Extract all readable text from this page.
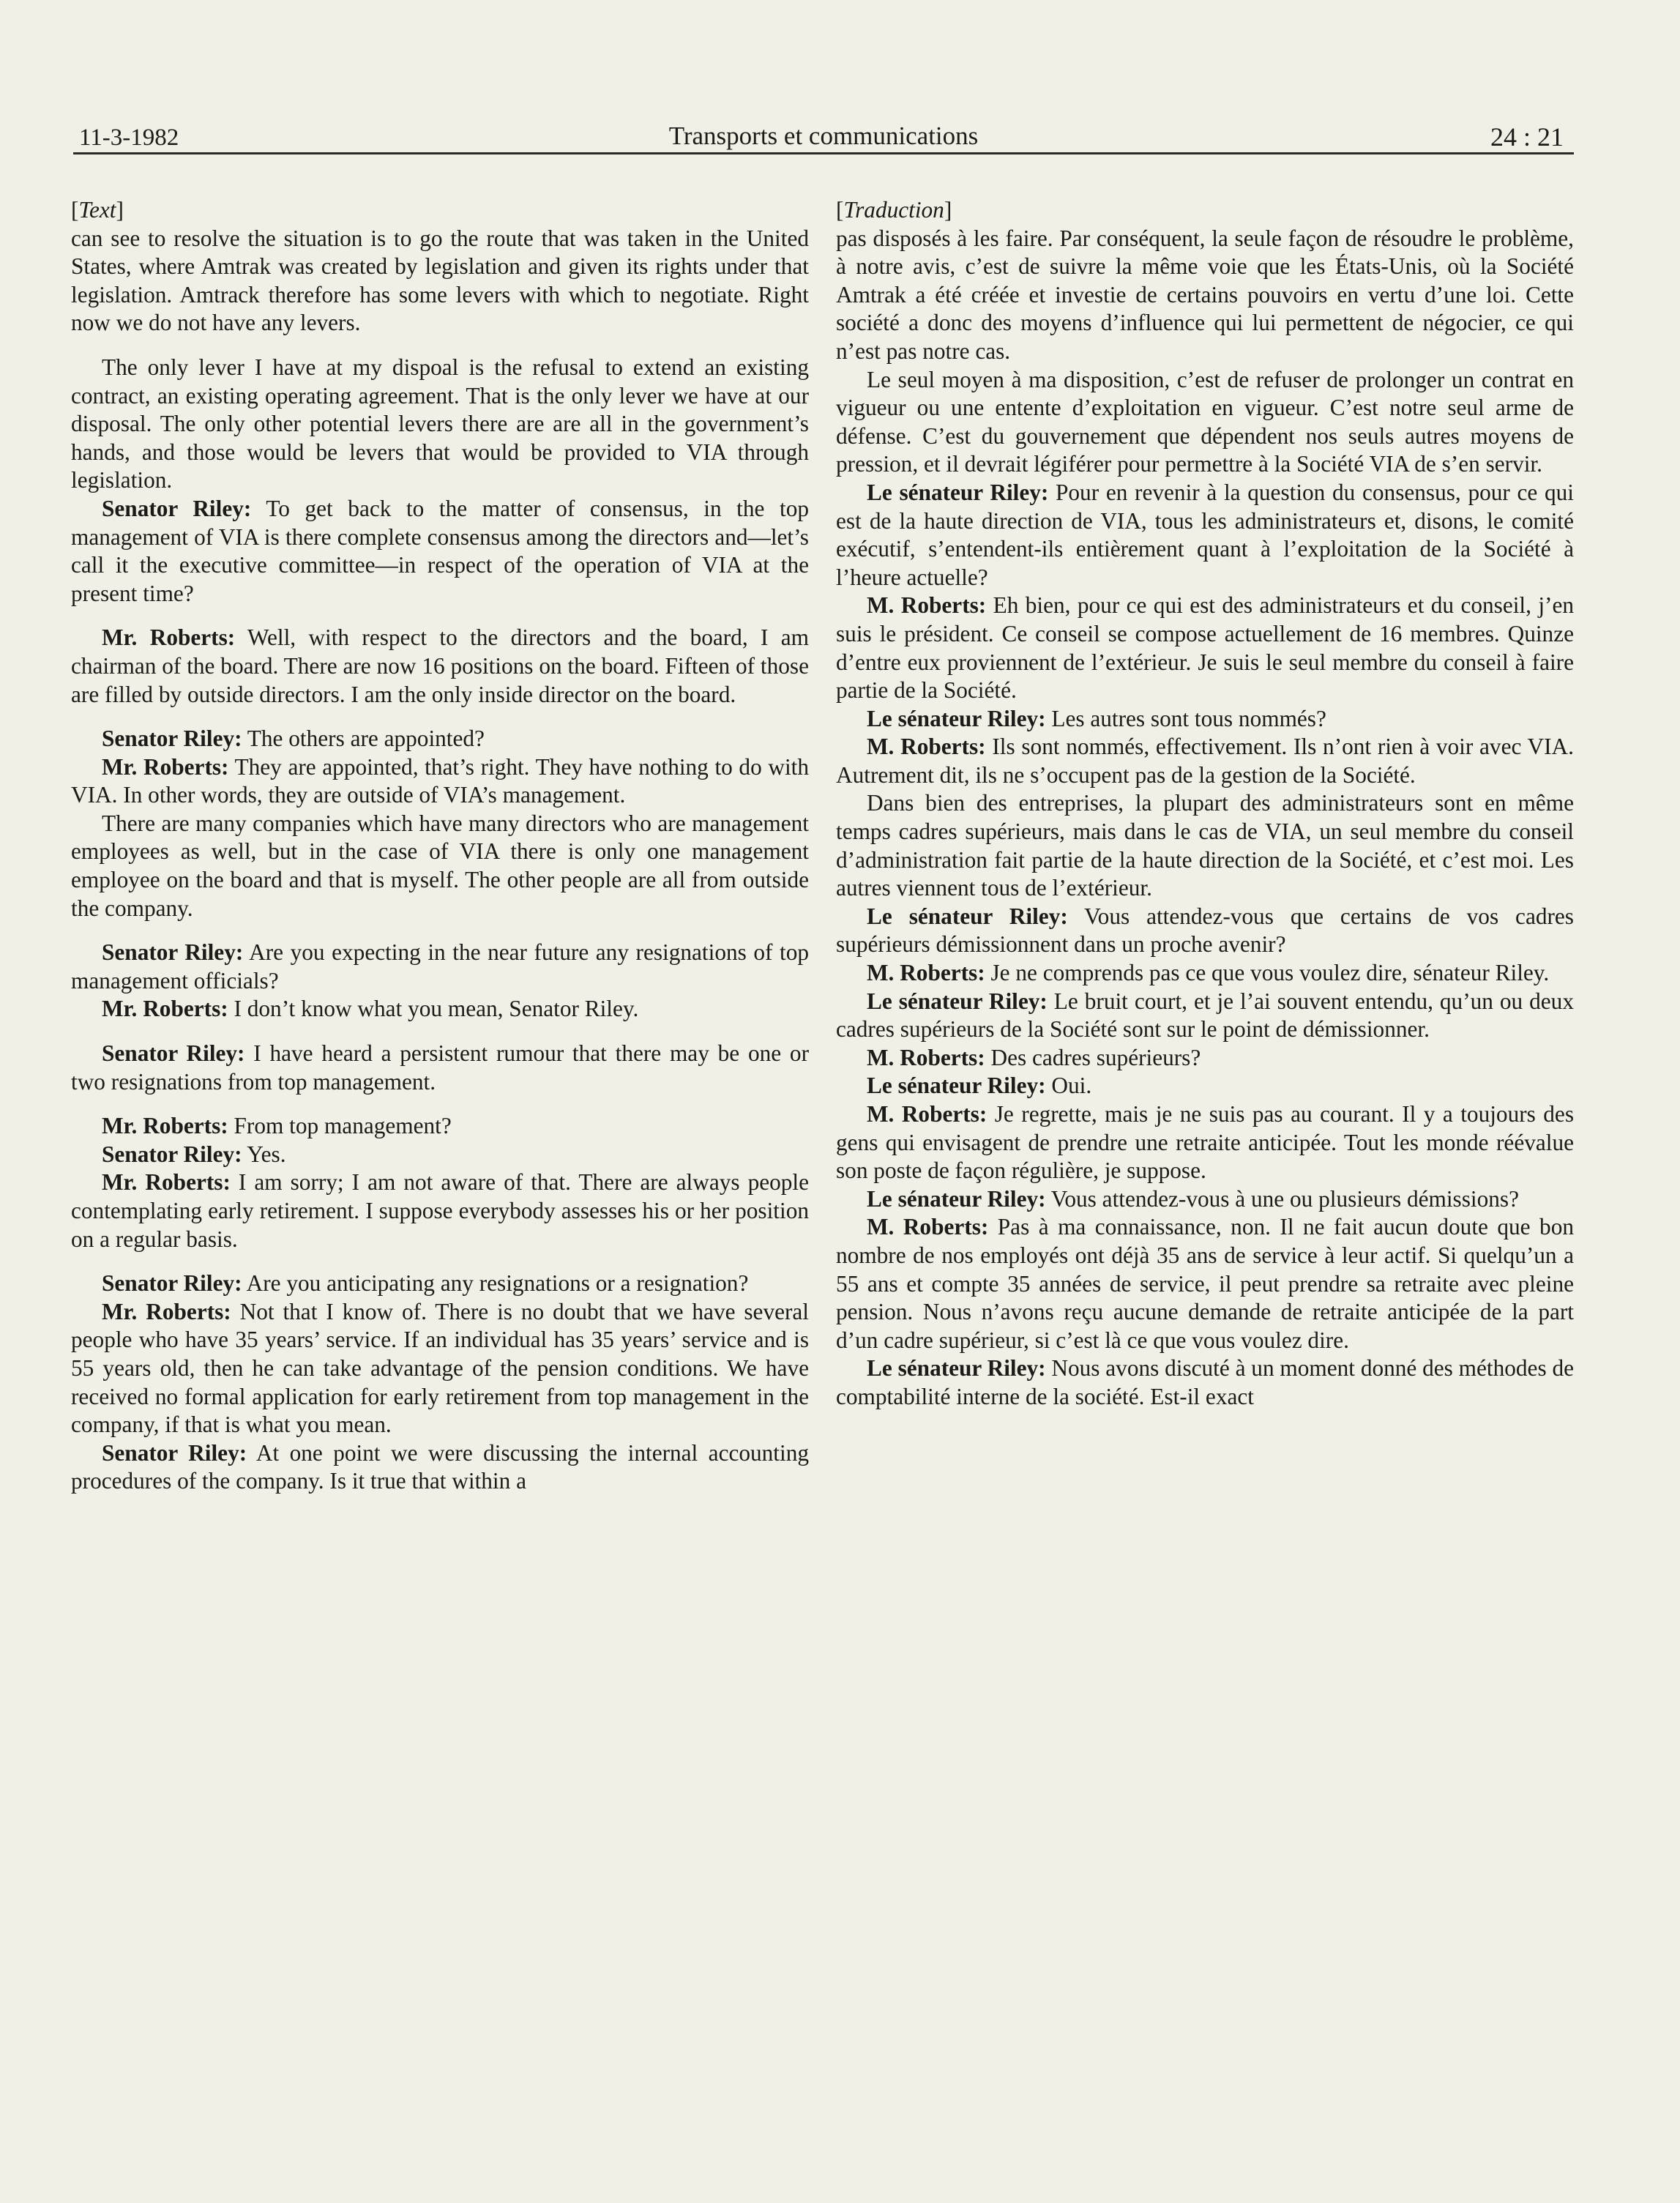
11-3-1982	Transports et communications	24 : 21
[Text]

can see to resolve the situation is to go the route that was taken in the United States, where Amtrak was created by legislation and given its rights under that legislation. Amtrack therefore has some levers with which to negotiate. Right now we do not have any levers.

The only lever I have at my dispoal is the refusal to extend an existing contract, an existing operating agreement. That is the only lever we have at our disposal. The only other potential levers there are are all in the government’s hands, and those would be levers that would be provided to VIA through legislation.

Senator Riley: To get back to the matter of consensus, in the top management of VIA is there complete consensus among the directors and—let’s call it the executive committee—in respect of the operation of VIA at the present time?

Mr. Roberts: Well, with respect to the directors and the board, I am chairman of the board. There are now 16 positions on the board. Fifteen of those are filled by outside directors. I am the only inside director on the board.

Senator Riley: The others are appointed?

Mr. Roberts: They are appointed, that’s right. They have nothing to do with VIA. In other words, they are outside of VIA’s management.

There are many companies which have many directors who are management employees as well, but in the case of VIA there is only one management employee on the board and that is myself. The other people are all from outside the company.

Senator Riley: Are you expecting in the near future any resignations of top management officials?

Mr. Roberts: I don’t know what you mean, Senator Riley.

Senator Riley: I have heard a persistent rumour that there may be one or two resignations from top management.

Mr. Roberts: From top management?

Senator Riley: Yes.

Mr. Roberts: I am sorry; I am not aware of that. There are always people contemplating early retirement. I suppose everybody assesses his or her position on a regular basis.

Senator Riley: Are you anticipating any resignations or a resignation?

Mr. Roberts: Not that I know of. There is no doubt that we have several people who have 35 years’ service. If an individual has 35 years’ service and is 55 years old, then he can take advantage of the pension conditions. We have received no formal application for early retirement from top management in the company, if that is what you mean.

Senator Riley: At one point we were discussing the internal accounting procedures of the company. Is it true that within a

[Traduction]

pas disposés à les faire. Par conséquent, la seule façon de résoudre le problème, à notre avis, c’est de suivre la même voie que les États-Unis, où la Société Amtrak a été créée et investie de certains pouvoirs en vertu d’une loi. Cette société a donc des moyens d’influence qui lui permettent de négocier, ce qui n’est pas notre cas.

Le seul moyen à ma disposition, c’est de refuser de prolonger un contrat en vigueur ou une entente d’exploitation en vigueur. C’est notre seul arme de défense. C’est du gouvernement que dépendent nos seuls autres moyens de pression, et il devrait légiférer pour permettre à la Société VIA de s’en servir.

Le sénateur Riley: Pour en revenir à la question du consensus, pour ce qui est de la haute direction de VIA, tous les administrateurs et, disons, le comité exécutif, s’entendent-ils entièrement quant à l’exploitation de la Société à l’heure actuelle?

M. Roberts: Eh bien, pour ce qui est des administrateurs et du conseil, j’en suis le président. Ce conseil se compose actuellement de 16 membres. Quinze d’entre eux proviennent de l’extérieur. Je suis le seul membre du conseil à faire partie de la Société.

Le sénateur Riley: Les autres sont tous nommés?

M. Roberts: Ils sont nommés, effectivement. Ils n’ont rien à voir avec VIA. Autrement dit, ils ne s’occupent pas de la gestion de la Société.

Dans bien des entreprises, la plupart des administrateurs sont en même temps cadres supérieurs, mais dans le cas de VIA, un seul membre du conseil d’administration fait partie de la haute direction de la Société, et c’est moi. Les autres viennent tous de l’extérieur.

Le sénateur Riley: Vous attendez-vous que certains de vos cadres supérieurs démissionnent dans un proche avenir?

M. Roberts: Je ne comprends pas ce que vous voulez dire, sénateur Riley.

Le sénateur Riley: Le bruit court, et je l’ai souvent entendu, qu’un ou deux cadres supérieurs de la Société sont sur le point de démissionner.

M. Roberts: Des cadres supérieurs?

Le sénateur Riley: Oui.

M. Roberts: Je regrette, mais je ne suis pas au courant. Il y a toujours des gens qui envisagent de prendre une retraite anticipée. Tout les monde réévalue son poste de façon régulière, je suppose.

Le sénateur Riley: Vous attendez-vous à une ou plusieurs démissions?

M. Roberts: Pas à ma connaissance, non. Il ne fait aucun doute que bon nombre de nos employés ont déjà 35 ans de service à leur actif. Si quelqu’un a 55 ans et compte 35 années de service, il peut prendre sa retraite avec pleine pension. Nous n’avons reçu aucune demande de retraite anticipée de la part d’un cadre supérieur, si c’est là ce que vous voulez dire.

Le sénateur Riley: Nous avons discuté à un moment donné des méthodes de comptabilité interne de la société. Est-il exact
